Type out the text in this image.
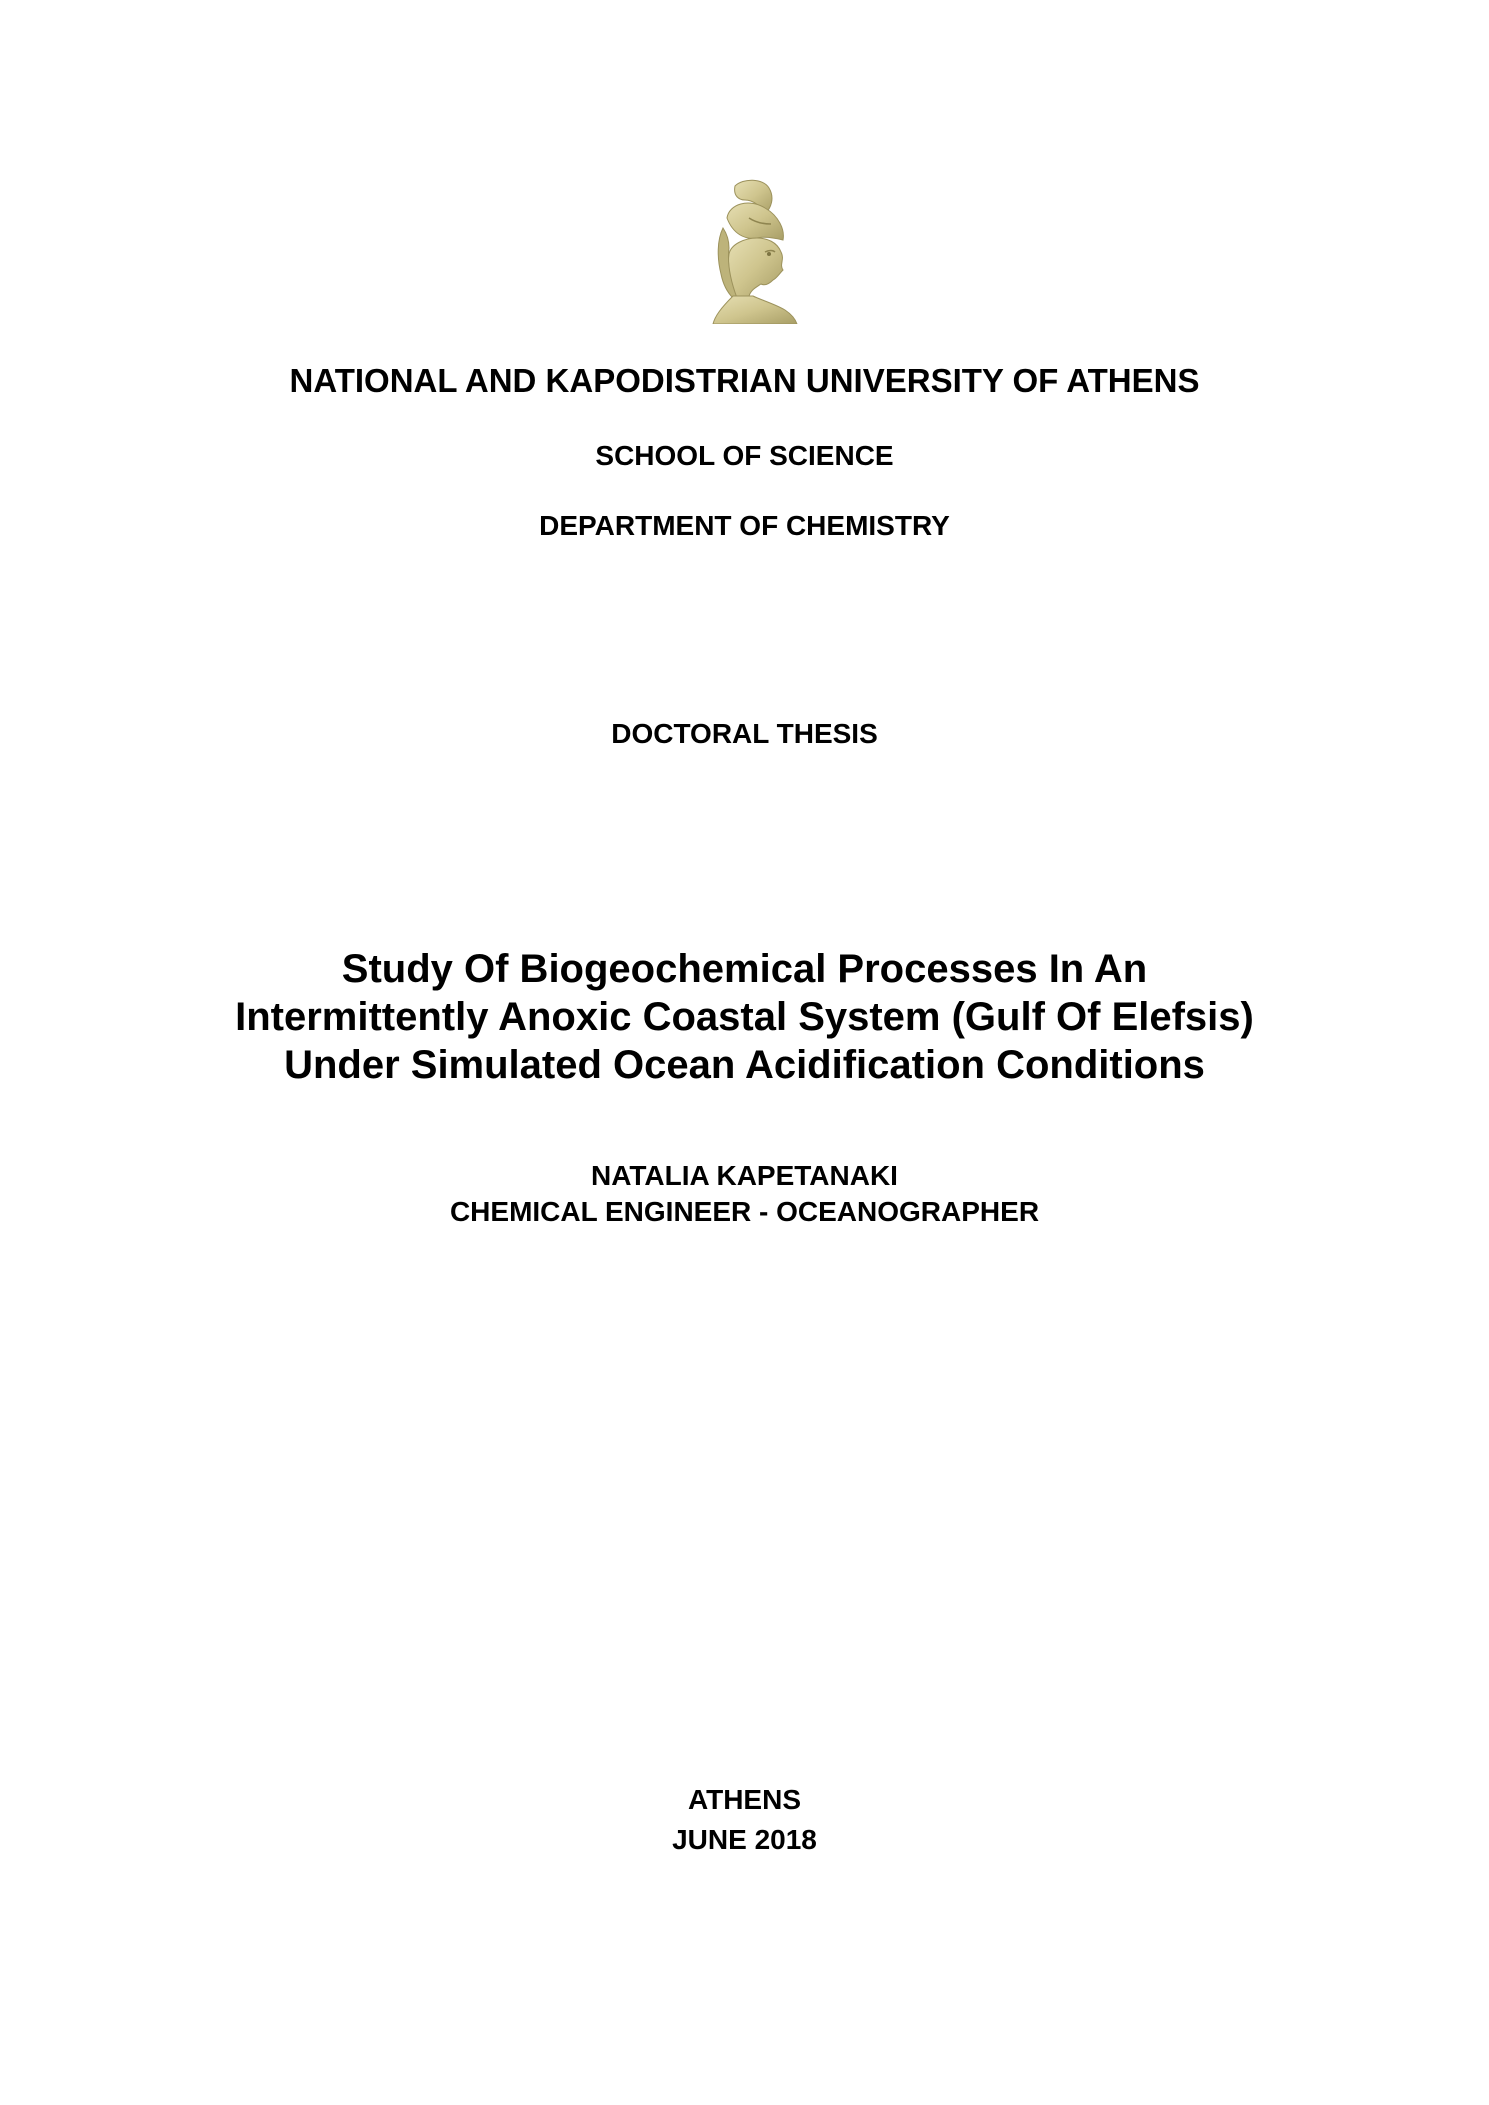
NATIONAL AND KAPODISTRIAN UNIVERSITY OF ATHENS
SCHOOL OF SCIENCE
DEPARTMENT OF CHEMISTRY
DOCTORAL THESIS
Study Of Biogeochemical Processes In An
Intermittently Anoxic Coastal System (Gulf Of Elefsis)
Under Simulated Ocean Acidification Conditions
NATALIA KAPETANAKI
CHEMICAL ENGINEER - OCEANOGRAPHER
ATHENS
JUNE 2018
